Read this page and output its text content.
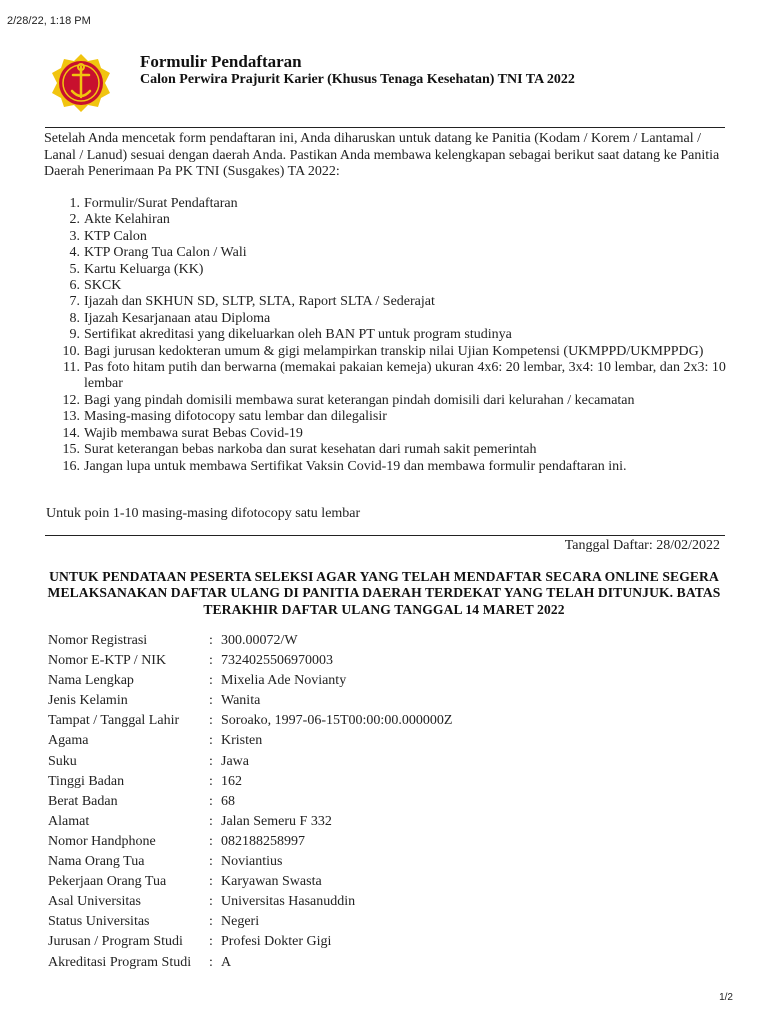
2/28/22, 1:18 PM
Formulir Pendaftaran
Calon Perwira Prajurit Karier (Khusus Tenaga Kesehatan) TNI TA 2022
Setelah Anda mencetak form pendaftaran ini, Anda diharuskan untuk datang ke Panitia (Kodam / Korem / Lantamal / Lanal / Lanud) sesuai dengan daerah Anda. Pastikan Anda membawa kelengkapan sebagai berikut saat datang ke Panitia Daerah Penerimaan Pa PK TNI (Susgakes) TA 2022:
1. Formulir/Surat Pendaftaran
2. Akte Kelahiran
3. KTP Calon
4. KTP Orang Tua Calon / Wali
5. Kartu Keluarga (KK)
6. SKCK
7. Ijazah dan SKHUN SD, SLTP, SLTA, Raport SLTA / Sederajat
8. Ijazah Kesarjanaan atau Diploma
9. Sertifikat akreditasi yang dikeluarkan oleh BAN PT untuk program studinya
10. Bagi jurusan kedokteran umum & gigi melampirkan transkip nilai Ujian Kompetensi (UKMPPD/UKMPPDG)
11. Pas foto hitam putih dan berwarna (memakai pakaian kemeja) ukuran 4x6: 20 lembar, 3x4: 10 lembar, dan 2x3: 10 lembar
12. Bagi yang pindah domisili membawa surat keterangan pindah domisili dari kelurahan / kecamatan
13. Masing-masing difotocopy satu lembar dan dilegalisir
14. Wajib membawa surat Bebas Covid-19
15. Surat keterangan bebas narkoba dan surat kesehatan dari rumah sakit pemerintah
16. Jangan lupa untuk membawa Sertifikat Vaksin Covid-19 dan membawa formulir pendaftaran ini.
Untuk poin 1-10 masing-masing difotocopy satu lembar
Tanggal Daftar: 28/02/2022
UNTUK PENDATAAN PESERTA SELEKSI AGAR YANG TELAH MENDAFTAR SECARA ONLINE SEGERA MELAKSANAKAN DAFTAR ULANG DI PANITIA DAERAH TERDEKAT YANG TELAH DITUNJUK. BATAS TERAKHIR DAFTAR ULANG TANGGAL 14 MARET 2022
Nomor Registrasi	:	300.00072/W
Nomor E-KTP / NIK	:	7324025506970003
Nama Lengkap	:	Mixelia Ade Novianty
Jenis Kelamin	:	Wanita
Tampat / Tanggal Lahir	:	Soroako, 1997-06-15T00:00:00.000000Z
Agama	:	Kristen
Suku	:	Jawa
Tinggi Badan	:	162
Berat Badan	:	68
Alamat	:	Jalan Semeru F 332
Nomor Handphone	:	082188258997
Nama Orang Tua	:	Noviantius
Pekerjaan Orang Tua	:	Karyawan Swasta
Asal Universitas	:	Universitas Hasanuddin
Status Universitas	:	Negeri
Jurusan / Program Studi	:	Profesi Dokter Gigi
Akreditasi Program Studi	:	A
1/2
